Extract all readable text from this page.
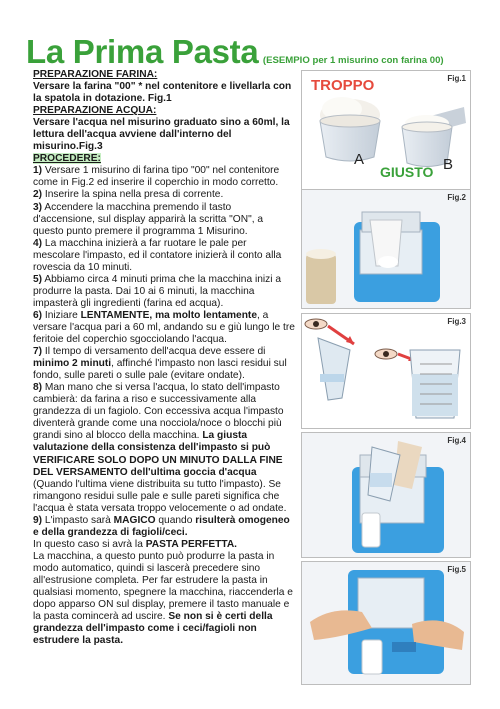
La Prima Pasta (ESEMPIO per 1 misurino con farina 00)

PREPARAZIONE FARINA:

Versare la farina "00" * nel contenitore e livellarla con la spatola in dotazione. Fig.1

PREPARAZIONE ACQUA:

Versare l'acqua nel misurino graduato sino a 60ml, la lettura dell'acqua avviene dall'interno del misurino.Fig.3

PROCEDERE:

1) Versare 1 misurino di farina tipo "00" nel contenitore come in Fig.2 ed inserire il coperchio in modo corretto.

2) Inserire la spina nella presa di corrente.

3) Accendere la macchina premendo il tasto d'accensione, sul display apparirà la scritta "ON", a questo punto premere il programma 1 Misurino.

4) La macchina inizierà a far ruotare le pale per mescolare l'impasto, ed il contatore inizierà il conto alla rovescia da 10 minuti.

5) Abbiamo circa 4 minuti prima che la macchina inizi a produrre la pasta. Dai 10 ai 6 minuti, la macchina impasterà gli ingredienti (farina ed acqua).

6) Iniziare LENTAMENTE, ma molto lentamente, a versare l'acqua pari a 60 ml, andando su e giù lungo le tre feritoie del coperchio sgocciolando l'acqua.

7) Il tempo di versamento dell'acqua deve essere di minimo 2 minuti, affinché l'impasto non lasci residui sul fondo, sulle pareti o sulle pale (evitare ondate).

8) Man mano che si versa l'acqua, lo stato dell'impasto cambierà: da farina a riso e successivamente alla grandezza di un fagiolo. Con eccessiva acqua l'impasto diventerà grande come una nocciola/noce o blocchi più grandi sino al blocco della macchina. La giusta valutazione della consistenza dell'impasto si può VERIFICARE SOLO DOPO UN MINUTO DALLA FINE DEL VERSAMENTO dell'ultima goccia d'acqua (Quando l'ultima viene distribuita su tutto l'impasto). Se rimangono residui sulle pale e sulle pareti significa che l'acqua è stata versata troppo velocemente o ad ondate.

9) L'impasto sarà MAGICO quando risulterà omogeneo e della grandezza di fagioli/ceci.

In questo caso si avrà la PASTA PERFETTA.

La macchina, a questo punto può produrre la pasta in modo automatico, quindi si lascerà precedere sino all'estrusione completa. Per far estrudere la pasta in qualsiasi momento, spegnere la macchina, riaccenderla e dopo apparso ON sul display, premere il tasto manuale e la pasta comincerà ad uscire. Se non si è certi della grandezza dell'impasto come i ceci/fagioli non estrudere la pasta.

Fig.1
TROPPO
A
GIUSTO B
Fig.2
Fig.3
Fig.4
Fig.5
